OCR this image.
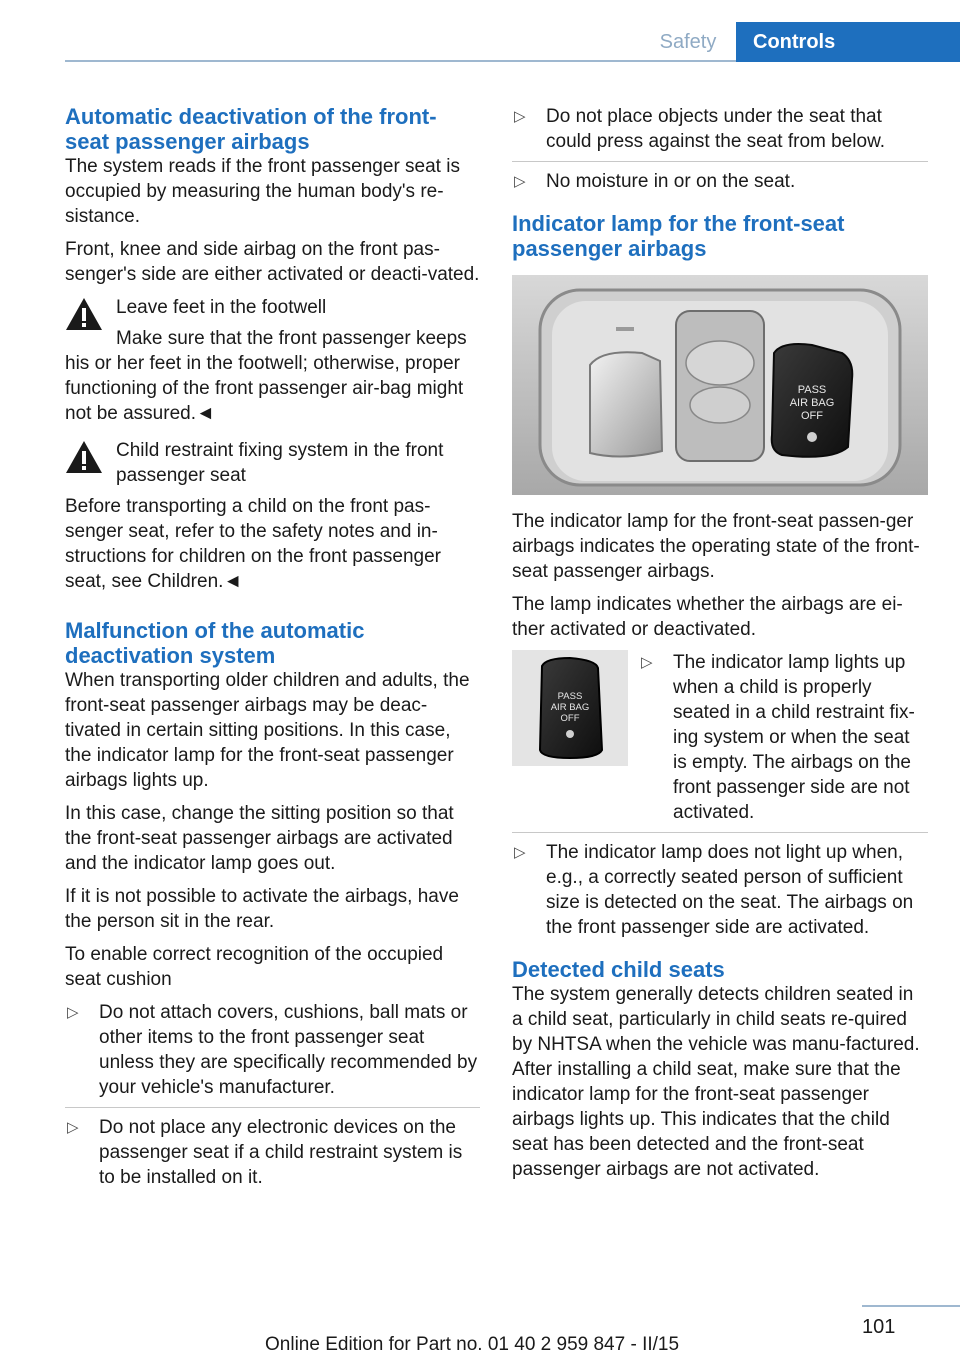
Safety	Controls
Automatic deactivation of the front-seat passenger airbags

The system reads if the front passenger seat is occupied by measuring the human body's re-sistance.

Front, knee and side airbag on the front pas-senger's side are either activated or deacti-vated.

Leave feet in the footwell

Make sure that the front passenger keeps his or her feet in the footwell; otherwise, proper functioning of the front passenger air-bag might not be assured.◄

Child restraint fixing system in the front passenger seat

Before transporting a child on the front pas-senger seat, refer to the safety notes and in-structions for children on the front passenger seat, see Children.◄

Malfunction of the automatic deactivation system

When transporting older children and adults, the front-seat passenger airbags may be deac-tivated in certain sitting positions. In this case, the indicator lamp for the front-seat passenger airbags lights up.

In this case, change the sitting position so that the front-seat passenger airbags are activated and the indicator lamp goes out.

If it is not possible to activate the airbags, have the person sit in the rear.

To enable correct recognition of the occupied seat cushion

▷ Do not attach covers, cushions, ball mats or other items to the front passenger seat unless they are specifically recommended by your vehicle's manufacturer.
▷ Do not place any electronic devices on the passenger seat if a child restraint system is to be installed on it.
▷ Do not place objects under the seat that could press against the seat from below.
▷ No moisture in or on the seat.
Indicator lamp for the front-seat passenger airbags
PASS
AIR BAG
OFF

The indicator lamp for the front-seat passen-ger airbags indicates the operating state of the front-seat passenger airbags.

The lamp indicates whether the airbags are ei-ther activated or deactivated.

PASS
AIR BAG
OFF
▷ The indicator lamp lights up when a child is properly seated in a child restraint fix-ing system or when the seat is empty. The airbags on the front passenger side are not activated.
▷ The indicator lamp does not light up when, e.g., a correctly seated person of sufficient size is detected on the seat. The airbags on the front passenger side are activated.
Detected child seats

The system generally detects children seated in a child seat, particularly in child seats re-quired by NHTSA when the vehicle was manu-factured. After installing a child seat, make sure that the indicator lamp for the front-seat passenger airbags lights up. This indicates that the child seat has been detected and the front-seat passenger airbags are not activated.

101
Online Edition for Part no. 01 40 2 959 847 - II/15
